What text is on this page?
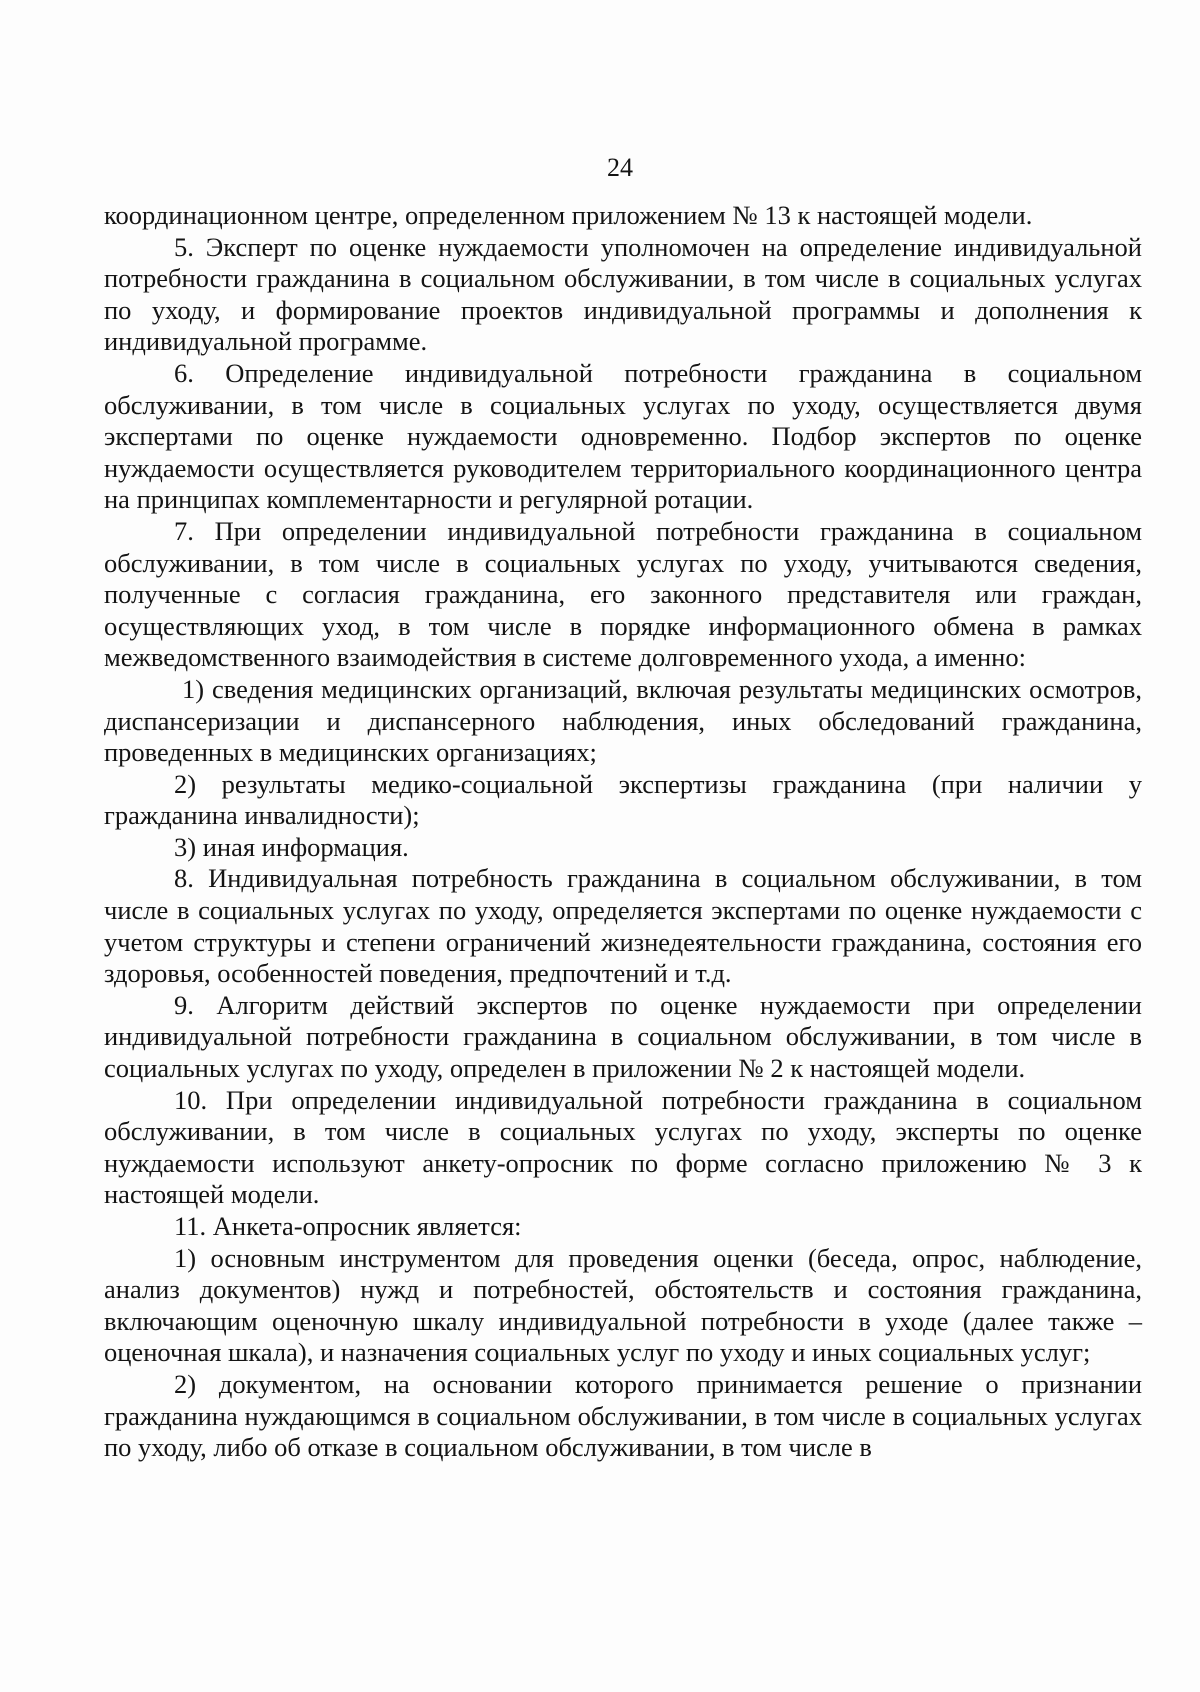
24

координационном центре, определенном приложением № 13 к настоящей модели.

5. Эксперт по оценке нуждаемости уполномочен на определение индивидуальной потребности гражданина в социальном обслуживании, в том числе в социальных услугах по уходу, и формирование проектов индивидуальной программы и дополнения к индивидуальной программе.

6. Определение индивидуальной потребности гражданина в социальном обслуживании, в том числе в социальных услугах по уходу, осуществляется двумя экспертами по оценке нуждаемости одновременно. Подбор экспертов по оценке нуждаемости осуществляется руководителем территориального координационного центра на принципах комплементарности и регулярной ротации.

7. При определении индивидуальной потребности гражданина в социальном обслуживании, в том числе в социальных услугах по уходу, учитываются сведения, полученные с согласия гражданина, его законного представителя или граждан, осуществляющих уход, в том числе в порядке информационного обмена в рамках межведомственного взаимодействия в системе долговременного ухода, а именно:

1) сведения медицинских организаций, включая результаты медицинских осмотров, диспансеризации и диспансерного наблюдения, иных обследований гражданина, проведенных в медицинских организациях;

2) результаты медико-социальной экспертизы гражданина (при наличии у гражданина инвалидности);

3) иная информация.

8. Индивидуальная потребность гражданина в социальном обслуживании, в том числе в социальных услугах по уходу, определяется экспертами по оценке нуждаемости с учетом структуры и степени ограничений жизнедеятельности гражданина, состояния его здоровья, особенностей поведения, предпочтений и т.д.

9. Алгоритм действий экспертов по оценке нуждаемости при определении индивидуальной потребности гражданина в социальном обслуживании, в том числе в социальных услугах по уходу, определен в приложении № 2 к настоящей модели.

10. При определении индивидуальной потребности гражданина в социальном обслуживании, в том числе в социальных услугах по уходу, эксперты по оценке нуждаемости используют анкету-опросник по форме согласно приложению № 3 к настоящей модели.

11. Анкета-опросник является:

1) основным инструментом для проведения оценки (беседа, опрос, наблюдение, анализ документов) нужд и потребностей, обстоятельств и состояния гражданина, включающим оценочную шкалу индивидуальной потребности в уходе (далее также – оценочная шкала), и назначения социальных услуг по уходу и иных социальных услуг;

2) документом, на основании которого принимается решение о признании гражданина нуждающимся в социальном обслуживании, в том числе в социальных услугах по уходу, либо об отказе в социальном обслуживании, в том числе в
